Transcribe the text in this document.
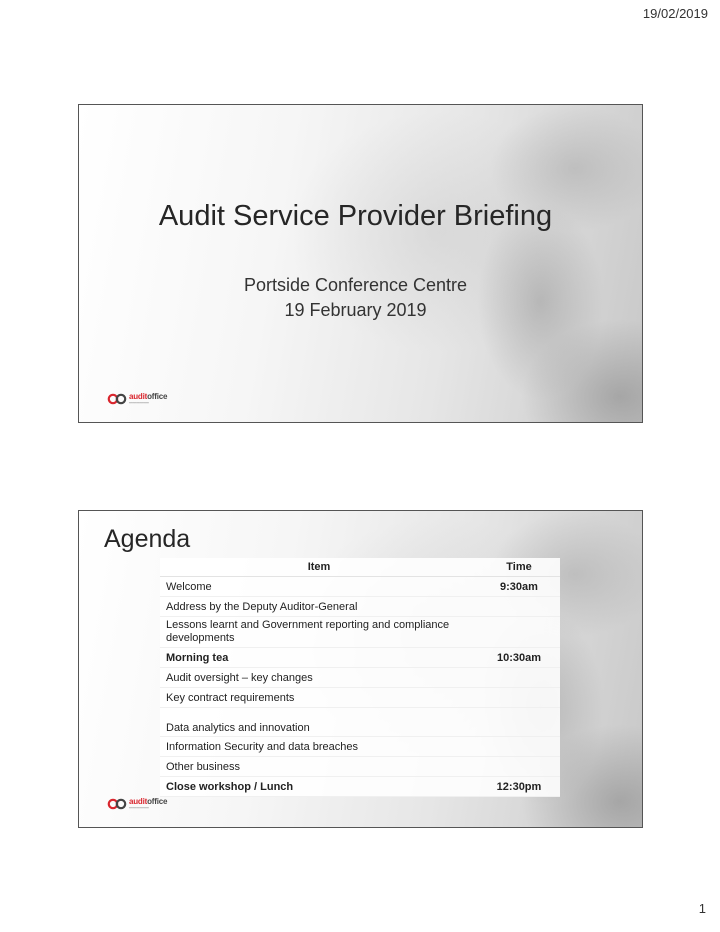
19/02/2019
Audit Service Provider Briefing
Portside Conference Centre
19 February 2019
auditoffice
━━━━━━━━━━━
Agenda
Item	Time
Welcome	9:30am
Address by the Deputy Auditor-General	
Lessons learnt and Government reporting and compliance developments	
Morning tea	10:30am
Audit oversight – key changes	
Key contract requirements	
Data analytics and innovation	
Information Security and data breaches	
Other business	
Close workshop / Lunch	12:30pm
auditoffice
━━━━━━━━━━━
1
